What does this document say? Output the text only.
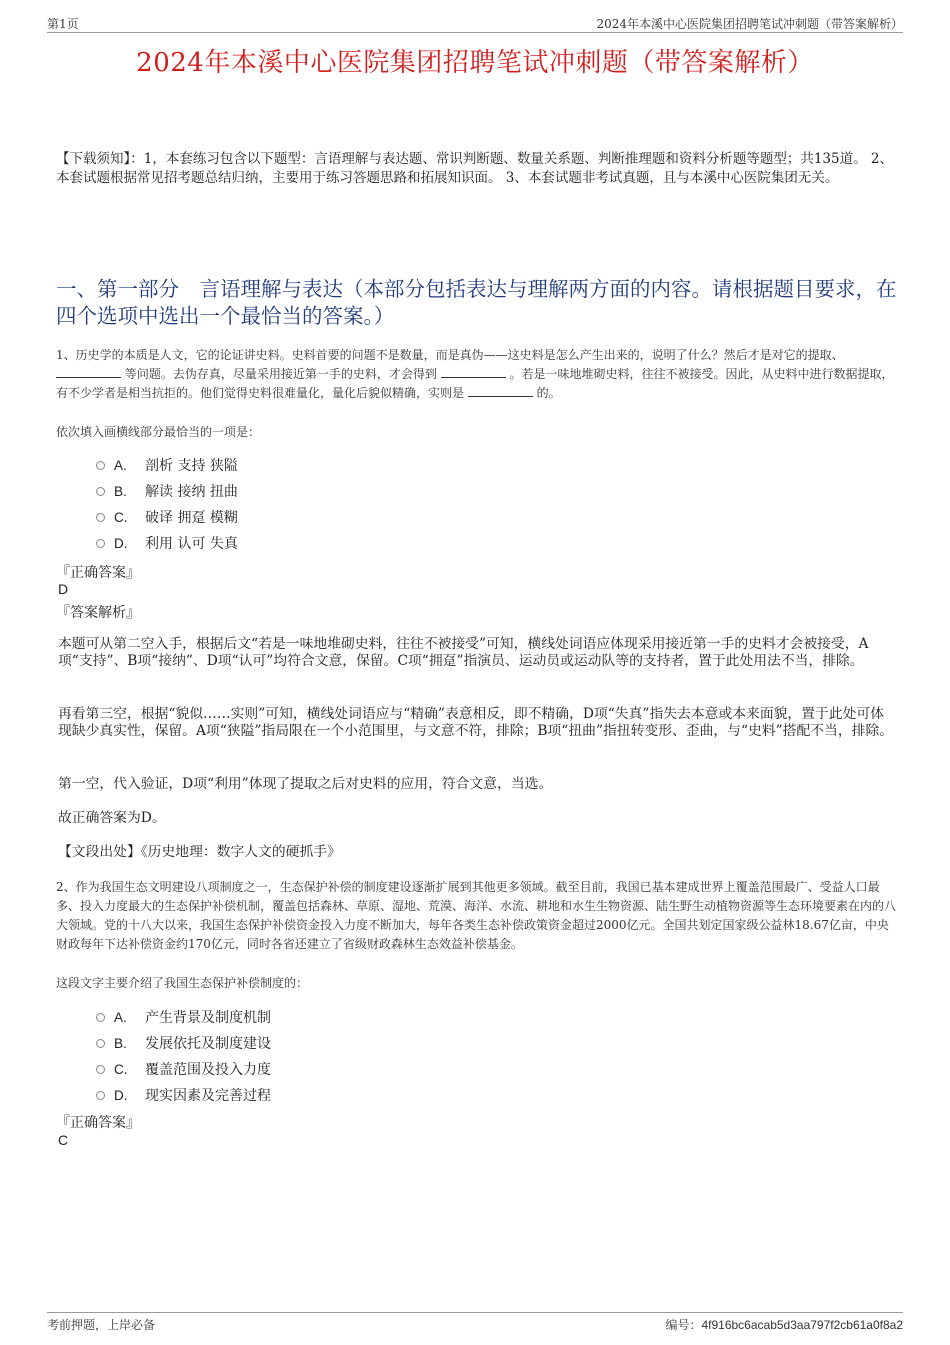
第1页	2024年本溪中心医院集团招聘笔试冲刺题（带答案解析）
2024年本溪中心医院集团招聘笔试冲刺题（带答案解析）
【下载须知】：1，本套练习包含以下题型：言语理解与表达题、常识判断题、数量关系题、判断推理题和资料分析题等题型；共135道。 2、本套试题根据常见招考题总结归纳，主要用于练习答题思路和拓展知识面。 3、本套试题非考试真题，且与本溪中心医院集团无关。
一、第一部分　言语理解与表达（本部分包括表达与理解两方面的内容。请根据题目要求，在四个选项中选出一个最恰当的答案。）
1、历史学的本质是人文，它的论证讲史料。史料首要的问题不是数量，而是真伪——这史料是怎么产生出来的，说明了什么？然后才是对它的提取、  等问题。去伪存真，尽量采用接近第一手的史料，才会得到	。若是一味地堆砌史料，往往不被接受。因此，从史料中进行数据提取，有不少学者是相当抗拒的。他们觉得史料很难量化，量化后貌似精确，实则是	的。
依次填入画横线部分最恰当的一项是：
A.	剖析 支持 狭隘
B.	解读 接纳 扭曲
C.	破译 拥趸 模糊
D.	利用 认可 失真
『正确答案』
D
『答案解析』
本题可从第二空入手，根据后文“若是一味地堆砌史料，往往不被接受”可知，横线处词语应体现采用接近第一手的史料才会被接受，A项“支持”、B项“接纳”、D项“认可”均符合文意，保留。C项“拥趸”指演员、运动员或运动队等的支持者，置于此处用法不当，排除。
再看第三空，根据“貌似……实则”可知，横线处词语应与“精确”表意相反，即不精确，D项“失真”指失去本意或本来面貌，置于此处可体现缺少真实性，保留。A项“狭隘”指局限在一个小范围里，与文意不符，排除；B项“扭曲”指扭转变形、歪曲，与“史料”搭配不当，排除。
第一空，代入验证，D项“利用”体现了提取之后对史料的应用，符合文意，当选。
故正确答案为D。
【文段出处】《历史地理：数字人文的硬抓手》
2、作为我国生态文明建设八项制度之一，生态保护补偿的制度建设逐渐扩展到其他更多领域。截至目前，我国已基本建成世界上覆盖范围最广、受益人口最多、投入力度最大的生态保护补偿机制，覆盖包括森林、草原、湿地、荒漠、海洋、水流、耕地和水生生物资源、陆生野生动植物资源等生态环境要素在内的八大领域。党的十八大以来，我国生态保护补偿资金投入力度不断加大，每年各类生态补偿政策资金超过2000亿元。全国共划定国家级公益林18.67亿亩，中央财政每年下达补偿资金约170亿元，同时各省还建立了省级财政森林生态效益补偿基金。
这段文字主要介绍了我国生态保护补偿制度的：
A.	产生背景及制度机制
B.	发展依托及制度建设
C.	覆盖范围及投入力度
D.	现实因素及完善过程
『正确答案』
C
考前押题，上岸必备	编号：4f916bc6acab5d3aa797f2cb61a0f8a2
